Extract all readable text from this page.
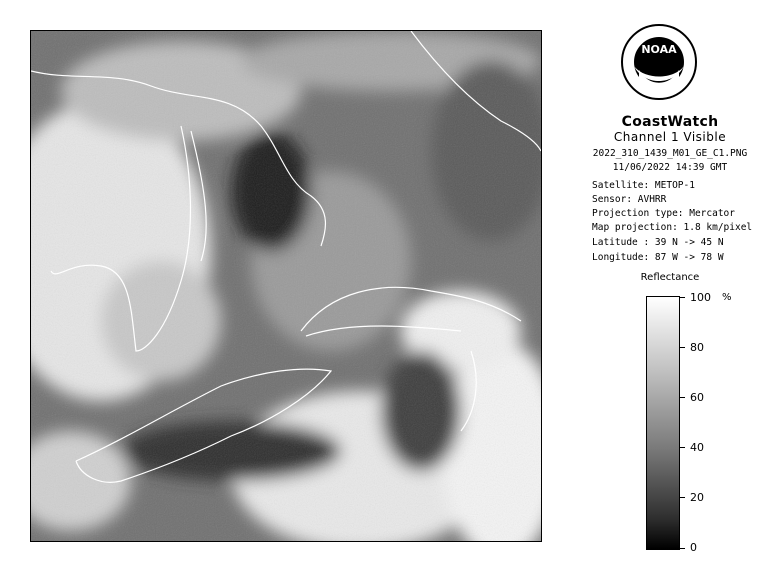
NOAA
CoastWatch
Channel 1 Visible
2022_310_1439_M01_GE_C1.PNG
11/06/2022 14:39 GMT
Satellite: METOP-1
Sensor: AVHRR
Projection type: Mercator
Map projection: 1.8 km/pixel
Latitude : 39 N -> 45 N
Longitude: 87 W -> 78 W
Reflectance
%
100
80
60
40
20
0
